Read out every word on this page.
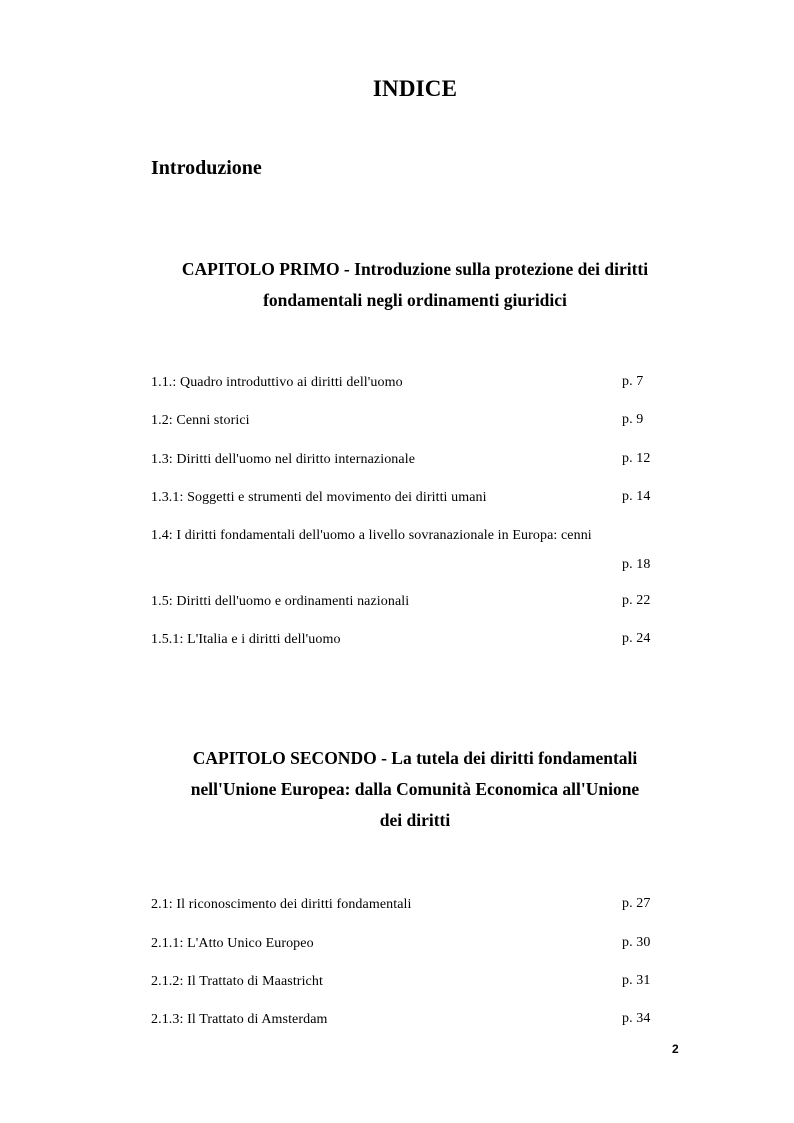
INDICE
Introduzione
CAPITOLO PRIMO - Introduzione sulla protezione dei diritti
fondamentali negli ordinamenti giuridici
1.1.: Quadro introduttivo ai diritti dell'uomo	p. 7
1.2: Cenni storici	p. 9
1.3: Diritti dell'uomo nel diritto internazionale	p. 12
1.3.1: Soggetti e strumenti del movimento dei diritti umani	p. 14
1.4: I diritti fondamentali dell'uomo a livello sovranazionale in Europa: cenni
p. 18
1.5: Diritti dell'uomo e ordinamenti nazionali	p. 22
1.5.1: L'Italia e i diritti dell'uomo	p. 24
CAPITOLO SECONDO - La tutela dei diritti fondamentali
nell'Unione Europea: dalla Comunità Economica all'Unione
dei diritti
2.1: Il riconoscimento dei diritti fondamentali	p. 27
2.1.1: L'Atto Unico Europeo	p. 30
2.1.2: Il Trattato di Maastricht	p. 31
2.1.3: Il Trattato di Amsterdam	p. 34
2
